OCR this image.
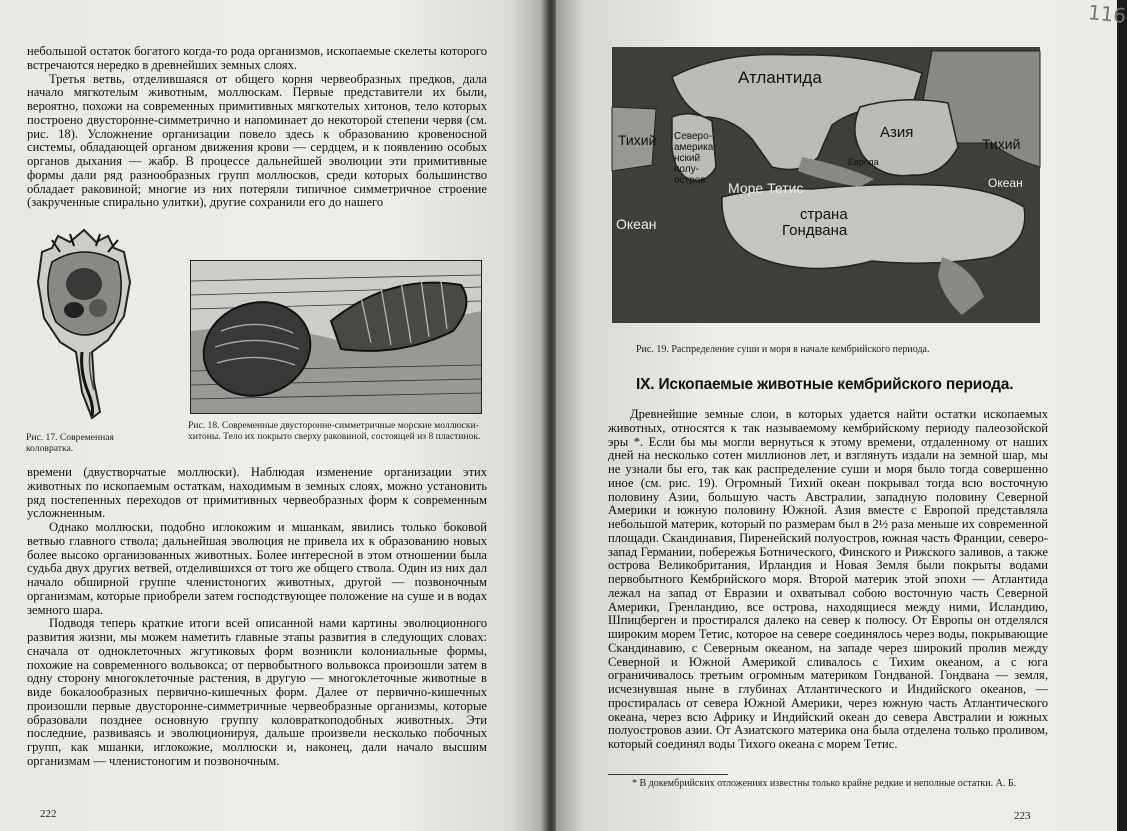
небольшой остаток богатого когда-то рода организмов, ископаемые скелеты которого встречаются нередко в древнейших земных слоях.

Третья ветвь, отделившаяся от общего корня червеобразных предков, дала начало мягкотелым животным, моллюскам. Первые представители их были, вероятно, похожи на современных примитивных мягкотелых хитонов, тело которых построено двусторонне-симметрично и напоминает до некоторой степени червя (см. рис. 18). Усложнение организации повело здесь к образованию кровеносной системы, обладающей органом движения крови — сердцем, и к появлению особых органов дыхания — жабр. В процессе дальнейшей эволюции эти примитивные формы дали ряд разнообразных групп моллюсков, среди которых большинство обладает раковиной; многие из них потеряли типичное симметричное строение (закрученные спирально улитки), другие сохранили его до нашего

Рис. 17. Современная коловратка.
Рис. 18. Современные двусторонне-симметричные морские моллюски-хитоны. Тело их покрыто сверху раковиной, состоящей из 8 пластинок.

времени (двустворчатые моллюски). Наблюдая изменение организации этих животных по ископаемым остаткам, находимым в земных слоях, можно установить ряд постепенных переходов от примитивных червеобразных форм к современным усложненным.

Однако моллюски, подобно иглокожим и мшанкам, явились только боковой ветвью главного ствола; дальнейшая эволюция не привела их к образованию новых более высоко организованных животных. Более интересной в этом отношении была судьба двух других ветвей, отделившихся от того же общего ствола. Один из них дал начало обширной группе членистоногих животных, другой — позвоночным организмам, которые приобрели затем господствующее положение на суше и в водах земного шара.

Подводя теперь краткие итоги всей описанной нами картины эволюционного развития жизни, мы можем наметить главные этапы развития в следующих словах: сначала от одноклеточных жгутиковых форм возникли колониальные формы, похожие на современного вольвокса; от первобытного вольвокса произошли затем в одну сторону многоклеточные растения, в другую — многоклеточные животные в виде бокалообразных первично-кишечных форм. Далее от первично-кишечных произошли первые двусторонне-симметричные червеобразные организмы, которые образовали позднее основную группу коловраткоподобных животных. Эти последние, развиваясь и эволюционируя, дальше произвели несколько побочных групп, как мшанки, иглокожие, моллюски и, наконец, дали начало высшим организмам — членистоногим и позвоночным.

222
116
Атлантида
Тихий Северо-америка-нский полу-остров
Азия
Тихий
Европа
Море Тетис	Океан
Океан
страна Гондвана
Рис. 19. Распределение суши и моря в начале кембрийского периода.
IX. Ископаемые животные кембрийского периода.

Древнейшие земные слои, в которых удается найти остатки ископаемых животных, относятся к так называемому кембрийскому периоду палеозойской эры *. Если бы мы могли вернуться к этому времени, отдаленному от наших дней на несколько сотен миллионов лет, и взглянуть издали на земной шар, мы не узнали бы его, так как распределение суши и моря было тогда совершенно иное (см. рис. 19). Огромный Тихий океан покрывал тогда всю восточную половину Азии, большую часть Австралии, западную половину Северной Америки и южную половину Южной. Азия вместе с Европой представляла небольшой материк, который по размерам был в 2½ раза меньше их современной площади. Скандинавия, Пиренейский полуостров, южная часть Франции, северо-запад Германии, побережья Ботнического, Финского и Рижского заливов, а также острова Великобритания, Ирландия и Новая Земля были покрыты водами первобытного Кембрийского моря. Второй материк этой эпохи — Атлантида лежал на запад от Евразии и охватывал собою восточную часть Северной Америки, Гренландию, все острова, находящиеся между ними, Исландию, Шпицберген и простирался далеко на север к полюсу. От Европы он отделялся широким морем Тетис, которое на севере соединялось через воды, покрывающие Скандинавию, с Северным океаном, на западе через широкий пролив между Северной и Южной Америкой сливалось с Тихим океаном, а с юга ограничивалось третьим огромным материком Гондваной. Гондвана — земля, исчезнувшая ныне в глубинах Атлантического и Индийского океанов, — простиралась от севера Южной Америки, через южную часть Атлантического океана, через всю Африку и Индийский океан до севера Австралии и южных полуостровов азии. От Азиатского материка она была отделена только проливом, который соединял воды Тихого океана с морем Тетис.

* В докембрийских отложениях известны только крайне редкие и неполные остатки. А. Б.
223
